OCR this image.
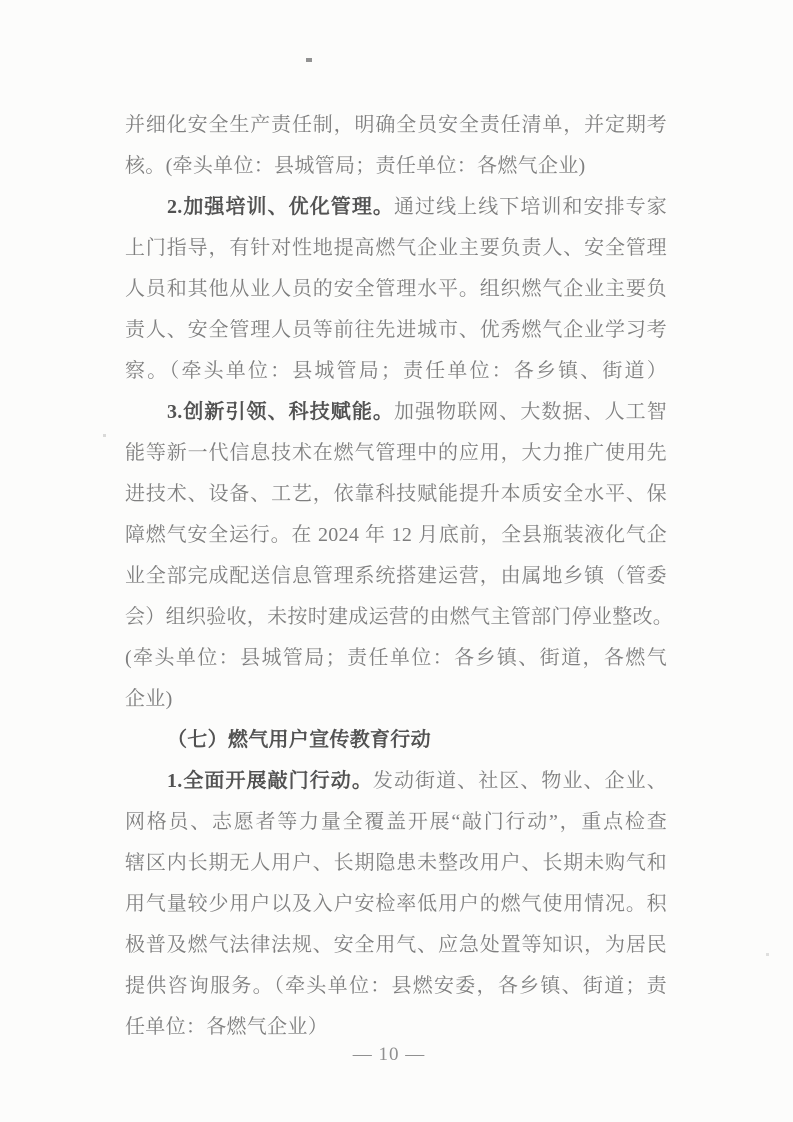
并细化安全生产责任制，明确全员安全责任清单，并定期考
核。(牵头单位：县城管局；责任单位：各燃气企业)
2.加强培训、优化管理。通过线上线下培训和安排专家
上门指导，有针对性地提高燃气企业主要负责人、安全管理
人员和其他从业人员的安全管理水平。组织燃气企业主要负
责人、安全管理人员等前往先进城市、优秀燃气企业学习考
察。（牵头单位：县城管局；责任单位：各乡镇、街道）
3.创新引领、科技赋能。加强物联网、大数据、人工智
能等新一代信息技术在燃气管理中的应用，大力推广使用先
进技术、设备、工艺，依靠科技赋能提升本质安全水平、保
障燃气安全运行。在 2024 年 12 月底前，全县瓶装液化气企
业全部完成配送信息管理系统搭建运营，由属地乡镇（管委
会）组织验收，未按时建成运营的由燃气主管部门停业整改。
(牵头单位：县城管局；责任单位：各乡镇、街道，各燃气
企业)
（七）燃气用户宣传教育行动
1.全面开展敲门行动。发动街道、社区、物业、企业、
网格员、志愿者等力量全覆盖开展“敲门行动”，重点检查
辖区内长期无人用户、长期隐患未整改用户、长期未购气和
用气量较少用户以及入户安检率低用户的燃气使用情况。积
极普及燃气法律法规、安全用气、应急处置等知识，为居民
提供咨询服务。（牵头单位：县燃安委，各乡镇、街道；责
任单位：各燃气企业）
— 10 —
